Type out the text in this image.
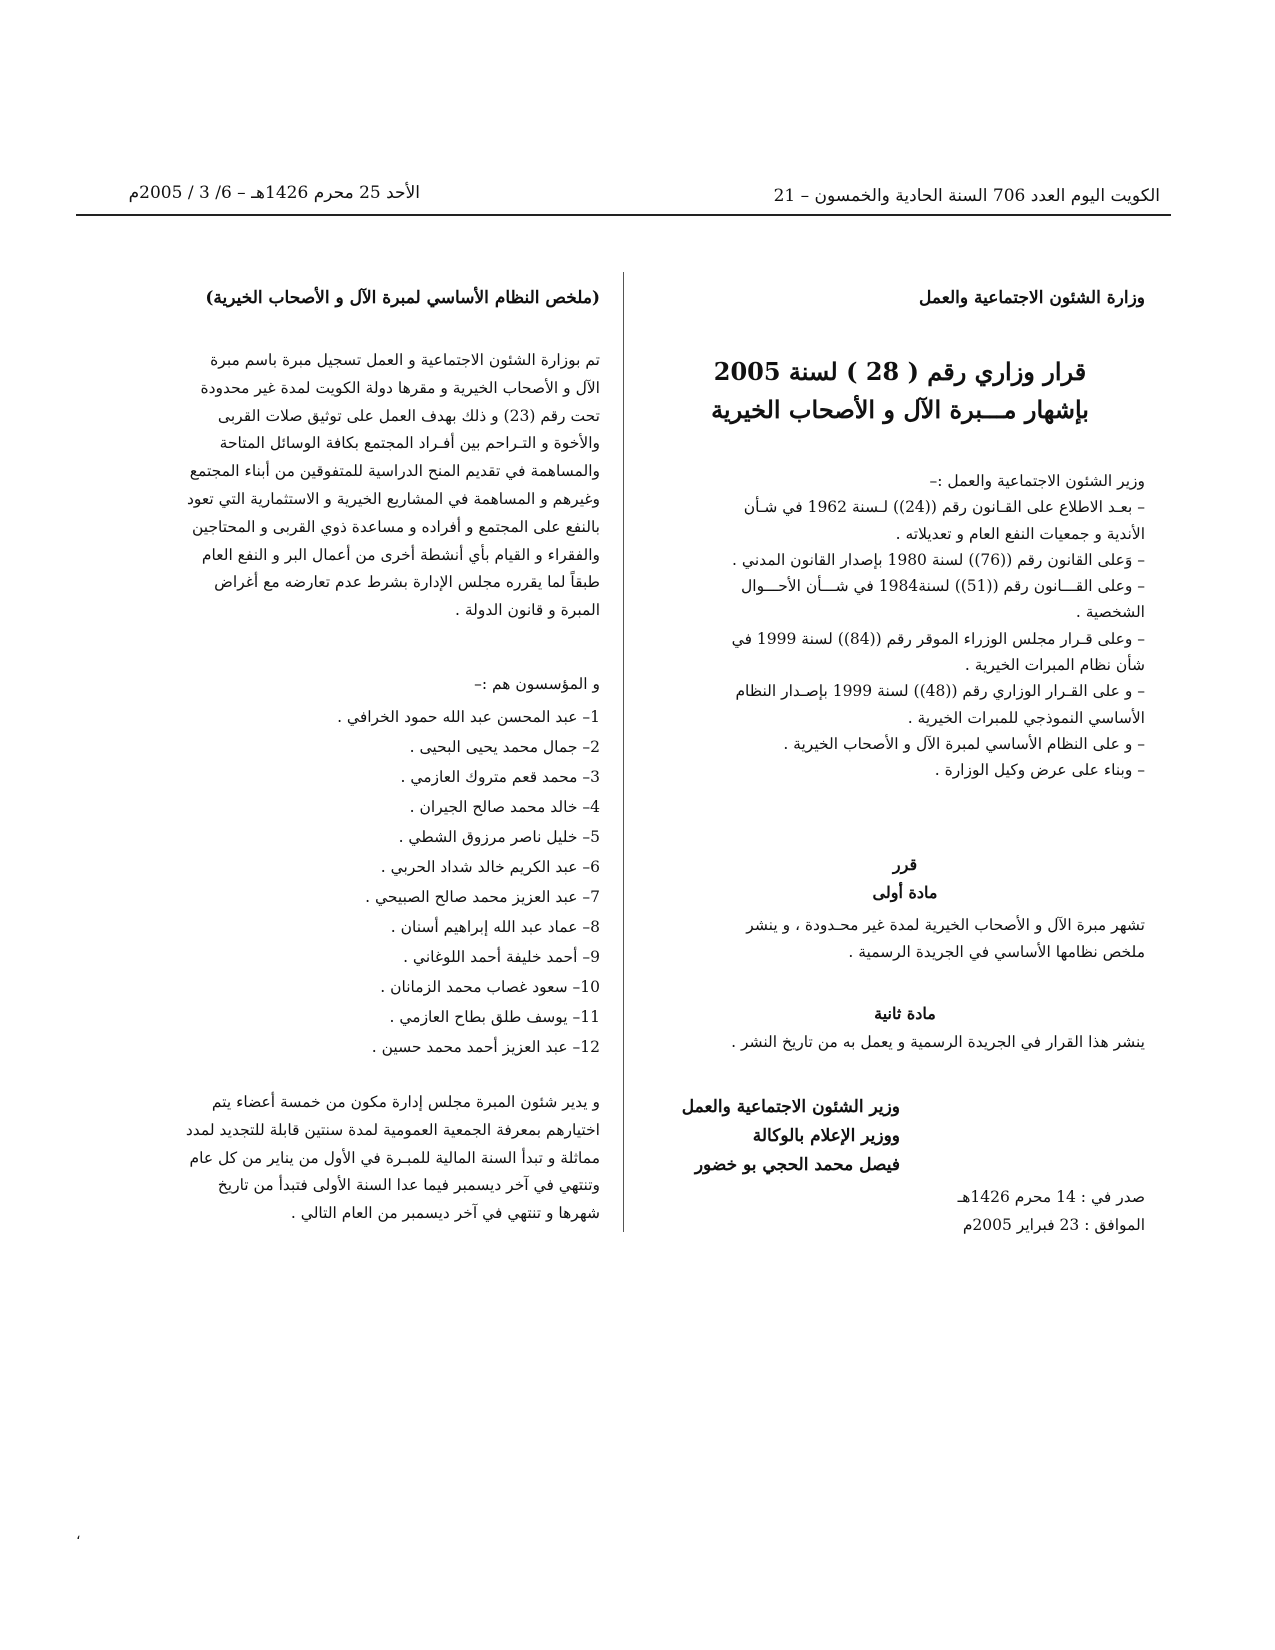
الأحد 25 محرم 1426هـ – 6/ 3 / 2005م	الكويت اليوم العدد 706 السنة الحادية والخمسون – 21
وزارة الشئون الاجتماعية والعمل
قرار وزاري رقم ( 28 ) لسنة 2005
بإشهار مـــبرة الآل و الأصحاب الخيرية
وزير الشئون الاجتماعية والعمل :–
– بعـد الاطلاع على القـانون رقم ((24)) لـسنة 1962 في شـأن
الأندية و جمعيات النفع العام و تعديلاته .
– وَعلى القانون رقم ((76)) لسنة 1980 بإصدار القانون المدني .
– وعلى القـــانون رقم ((51)) لسنة1984 في شـــأن الأحـــوال
الشخصية .
– وعلى قـرار مجلس الوزراء الموقر رقم ((84)) لسنة 1999 في
شأن نظام المبرات الخيرية .
– و على القـرار الوزاري رقم ((48)) لسنة 1999 بإصـدار النظام
الأساسي النموذجي للمبرات الخيرية .
– و على النظام الأساسي لمبرة الآل و الأصحاب الخيرية .
– وبناء على عرض وكيل الوزارة .
قرر
مادة أولى
تشهر مبرة الآل و الأصحاب الخيرية لمدة غير محـدودة ، و ينشر
ملخص نظامها الأساسي في الجريدة الرسمية .
مادة ثانية
ينشر هذا القرار في الجريدة الرسمية و يعمل به من تاريخ النشر .
وزير الشئون الاجتماعية والعمل
ووزير الإعلام بالوكالة
فيصل محمد الحجي بو خضور
صدر في : 14 محرم 1426هـ
الموافق : 23 فبراير 2005م
(ملخص النظام الأساسي لمبرة الآل و الأصحاب الخيرية)
تم بوزارة الشئون الاجتماعية و العمل تسجيل مبرة باسم مبرة
الآل و الأصحاب الخيرية و مقرها دولة الكويت لمدة غير محدودة
تحت رقم (23) و ذلك بهدف العمل على توثيق صلات القربى
والأخوة و التـراحم بين أفـراد المجتمع بكافة الوسائل المتاحة
والمساهمة في تقديم المنح الدراسية للمتفوقين من أبناء المجتمع
وغيرهم و المساهمة في المشاريع الخيرية و الاستثمارية التي تعود
بالنفع على المجتمع و أفراده و مساعدة ذوي القربى و المحتاجين
والفقراء و القيام بأي أنشطة أخرى من أعمال البر و النفع العام
طبقاً لما يقرره مجلس الإدارة بشرط عدم تعارضه مع أغراض
المبرة و قانون الدولة .
و المؤسسون هم :–
1– عبد المحسن عبد الله حمود الخرافي .
2– جمال محمد يحيى البحيى .
3– محمد قعم متروك العازمي .
4– خالد محمد صالح الجيران .
5– خليل ناصر مرزوق الشطي .
6– عبد الكريم خالد شداد الحربي .
7– عبد العزيز محمد صالح الصبيحي .
8– عماد عبد الله إبراهيم أسنان .
9– أحمد خليفة أحمد اللوغاني .
10– سعود غصاب محمد الزمانان .
11– يوسف طلق بطاح العازمي .
12– عبد العزيز أحمد محمد حسين .
و يدير شئون المبرة مجلس إدارة مكون من خمسة أعضاء يتم
اختيارهم بمعرفة الجمعية العمومية لمدة سنتين قابلة للتجديد لمدد
مماثلة و تبدأ السنة المالية للمبـرة في الأول من يناير من كل عام
وتنتهي في آخر ديسمبر فيما عدا السنة الأولى فتبدأ من تاريخ
شهرها و تنتهي في آخر ديسمبر من العام التالي .
،
